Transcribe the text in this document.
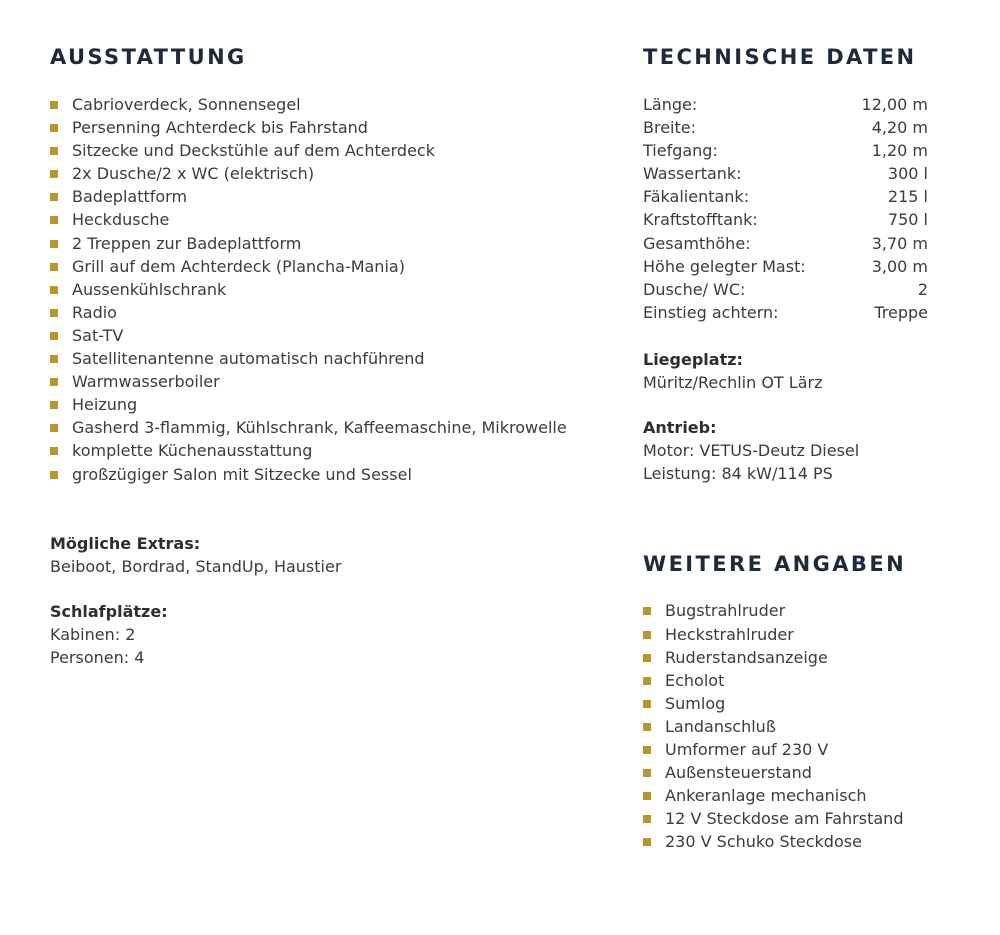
AUSSTATTUNG
Cabrioverdeck, Sonnensegel
Persenning Achterdeck bis Fahrstand
Sitzecke und Deckstühle auf dem Achterdeck
2x Dusche/2 x WC (elektrisch)
Badeplattform
Heckdusche
2 Treppen zur Badeplattform
Grill auf dem Achterdeck (Plancha-Mania)
Aussenkühlschrank
Radio
Sat-TV
Satellitenantenne automatisch nachführend
Warmwasserboiler
Heizung
Gasherd 3-flammig, Kühlschrank, Kaffeemaschine, Mikrowelle
komplette Küchenausstattung
großzügiger Salon mit Sitzecke und Sessel
Mögliche Extras:
Beiboot, Bordrad, StandUp, Haustier
Schlafplätze:
Kabinen: 2
Personen: 4
TECHNISCHE DATEN
Länge:	12,00 m
Breite:	4,20 m
Tiefgang:	1,20 m
Wassertank:	300 l
Fäkalientank:	215 l
Kraftstofftank:	750 l
Gesamthöhe:	3,70 m
Höhe gelegter Mast:	3,00 m
Dusche/ WC:	2
Einstieg achtern:	Treppe
Liegeplatz:
Müritz/Rechlin OT Lärz
Antrieb:
Motor: VETUS-Deutz Diesel
Leistung: 84 kW/114 PS
WEITERE ANGABEN
Bugstrahlruder
Heckstrahlruder
Ruderstandsanzeige
Echolot
Sumlog
Landanschluß
Umformer auf 230 V
Außensteuerstand
Ankeranlage mechanisch
12 V Steckdose am Fahrstand
230 V Schuko Steckdose
